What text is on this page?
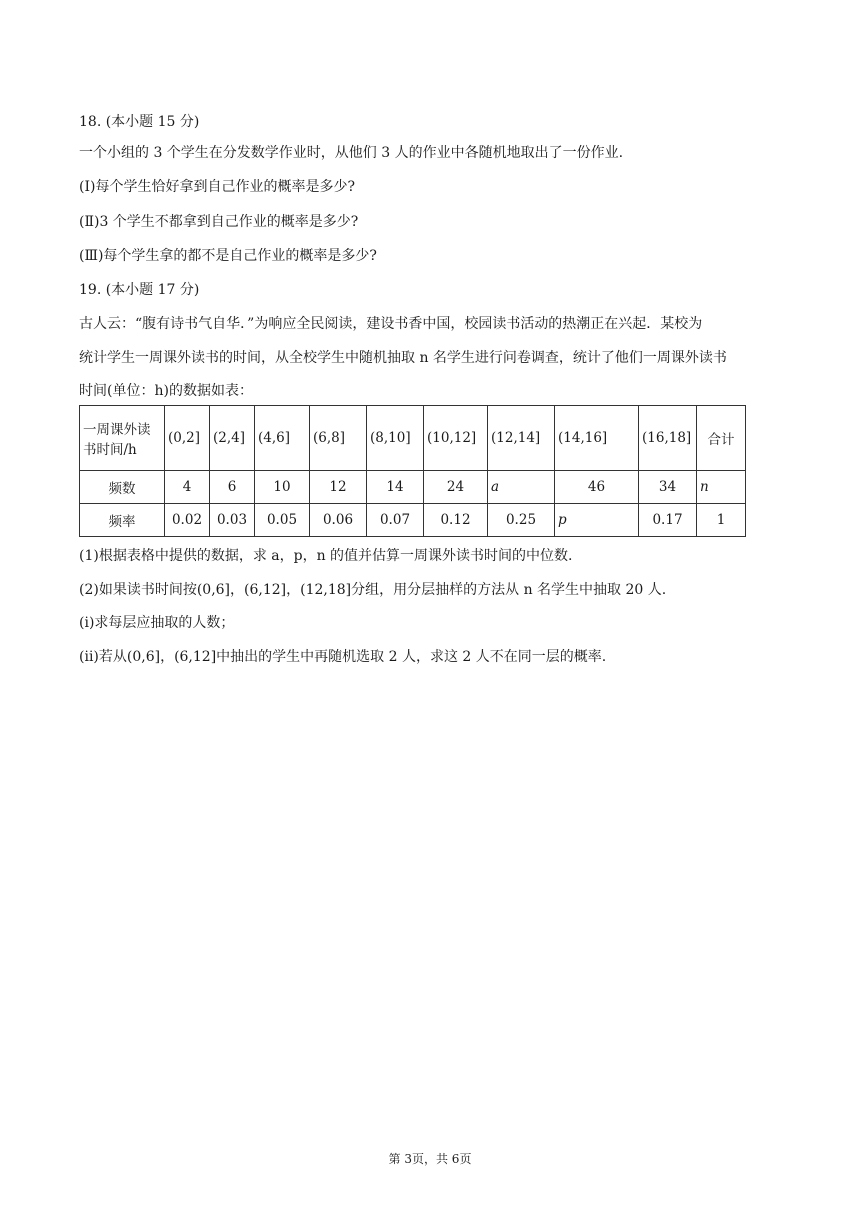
18. (本小题 15 分)
一个小组的 3 个学生在分发数学作业时，从他们 3 人的作业中各随机地取出了一份作业.
(Ⅰ)每个学生恰好拿到自己作业的概率是多少?
(Ⅱ)3 个学生不都拿到自己作业的概率是多少?
(Ⅲ)每个学生拿的都不是自己作业的概率是多少?
19. (本小题 17 分)
古人云：“腹有诗书气自华．”为响应全民阅读，建设书香中国，校园读书活动的热潮正在兴起．某校为
统计学生一周课外读书的时间，从全校学生中随机抽取 n 名学生进行问卷调查，统计了他们一周课外读书
时间(单位：h)的数据如表：
一周课外读
书时间/h	(0,2]	(2,4]	(4,6]	(6,8]	(8,10]	(10,12]	(12,14]	(14,16]	(16,18]	合计
频数	4	6	10	12	14	24	a	46	34	n
频率	0.02	0.03	0.05	0.06	0.07	0.12	0.25	p	0.17	1
(1)根据表格中提供的数据，求 a，p，n 的值并估算一周课外读书时间的中位数.
(2)如果读书时间按(0,6]，(6,12]，(12,18]分组，用分层抽样的方法从 n 名学生中抽取 20 人.
(ⅰ)求每层应抽取的人数；
(ⅱ)若从(0,6]，(6,12]中抽出的学生中再随机选取 2 人，求这 2 人不在同一层的概率.
第 3页，共 6页
